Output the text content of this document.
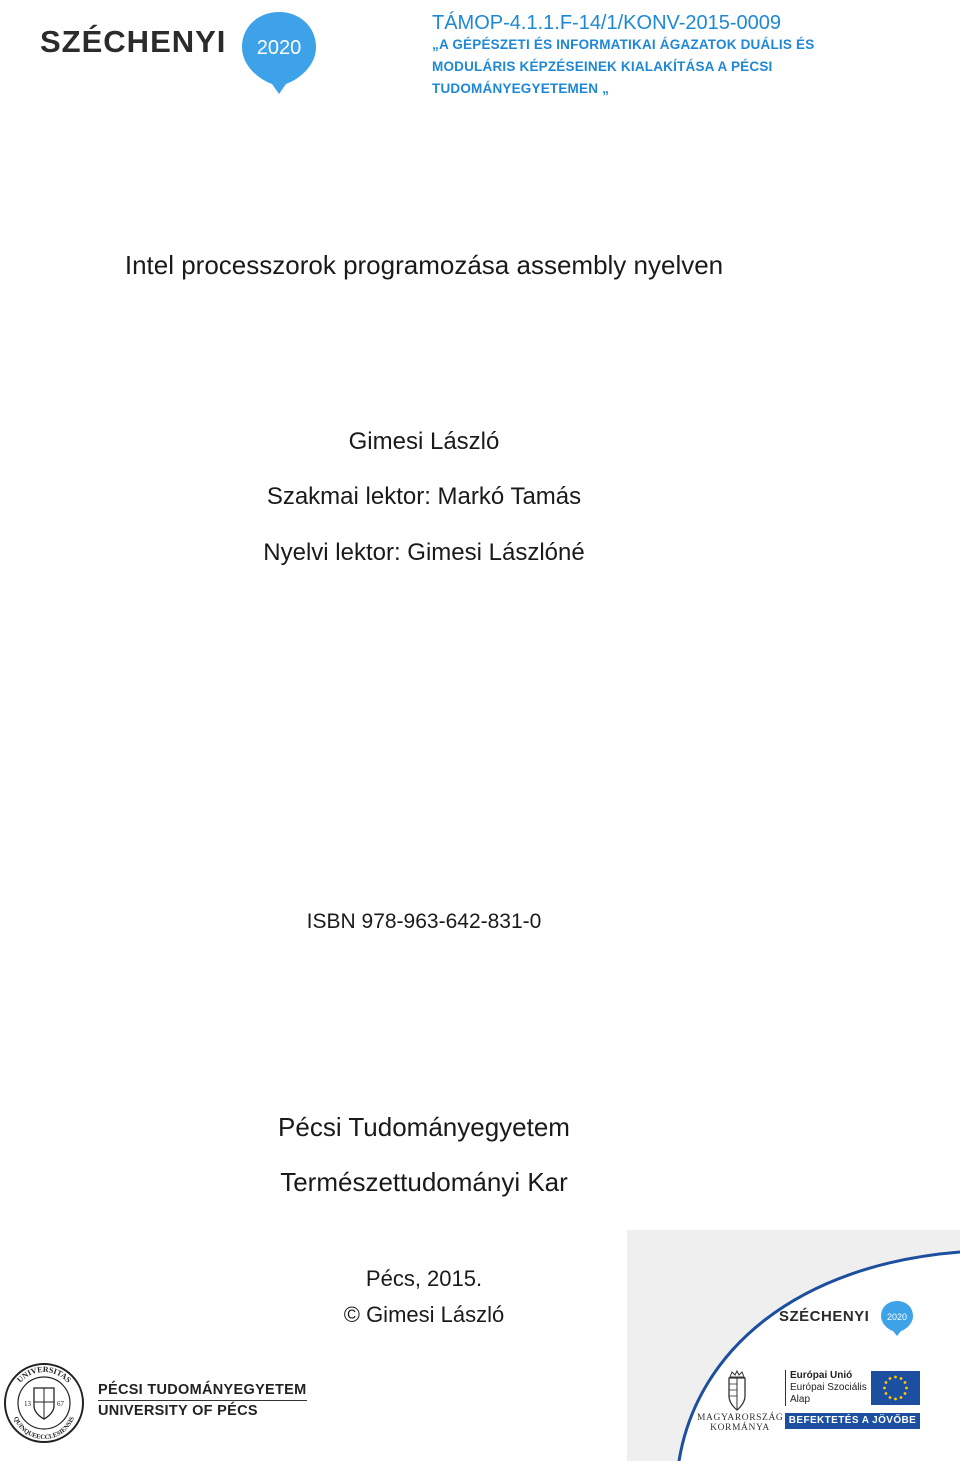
SZÉCHENYI 2020
TÁMOP-4.1.1.F-14/1/KONV-2015-0009
„A GÉPÉSZETI ÉS INFORMATIKAI ÁGAZATOK DUÁLIS ÉS
MODULÁRIS KÉPZÉSEINEK KIALAKÍTÁSA A PÉCSI
TUDOMÁNYEGYETEMEN „
Intel processzorok programozása assembly nyelven
Gimesi László
Szakmai lektor: Markó Tamás
Nyelvi lektor: Gimesi Lászlóné
ISBN 978-963-642-831-0
Pécsi Tudományegyetem
Természettudományi Kar
Pécs, 2015.
© Gimesi László
UNIVERSITAS
QUINQUEECCLESIENSIS
13	67
PÉCSI TUDOMÁNYEGYETEM
UNIVERSITY OF PÉCS
SZÉCHENYI 2020
MAGYARORSZÁG
KORMÁNYA
Európai Unió
Európai Szociális
Alap
BEFEKTETÉS A JÖVŐBE
